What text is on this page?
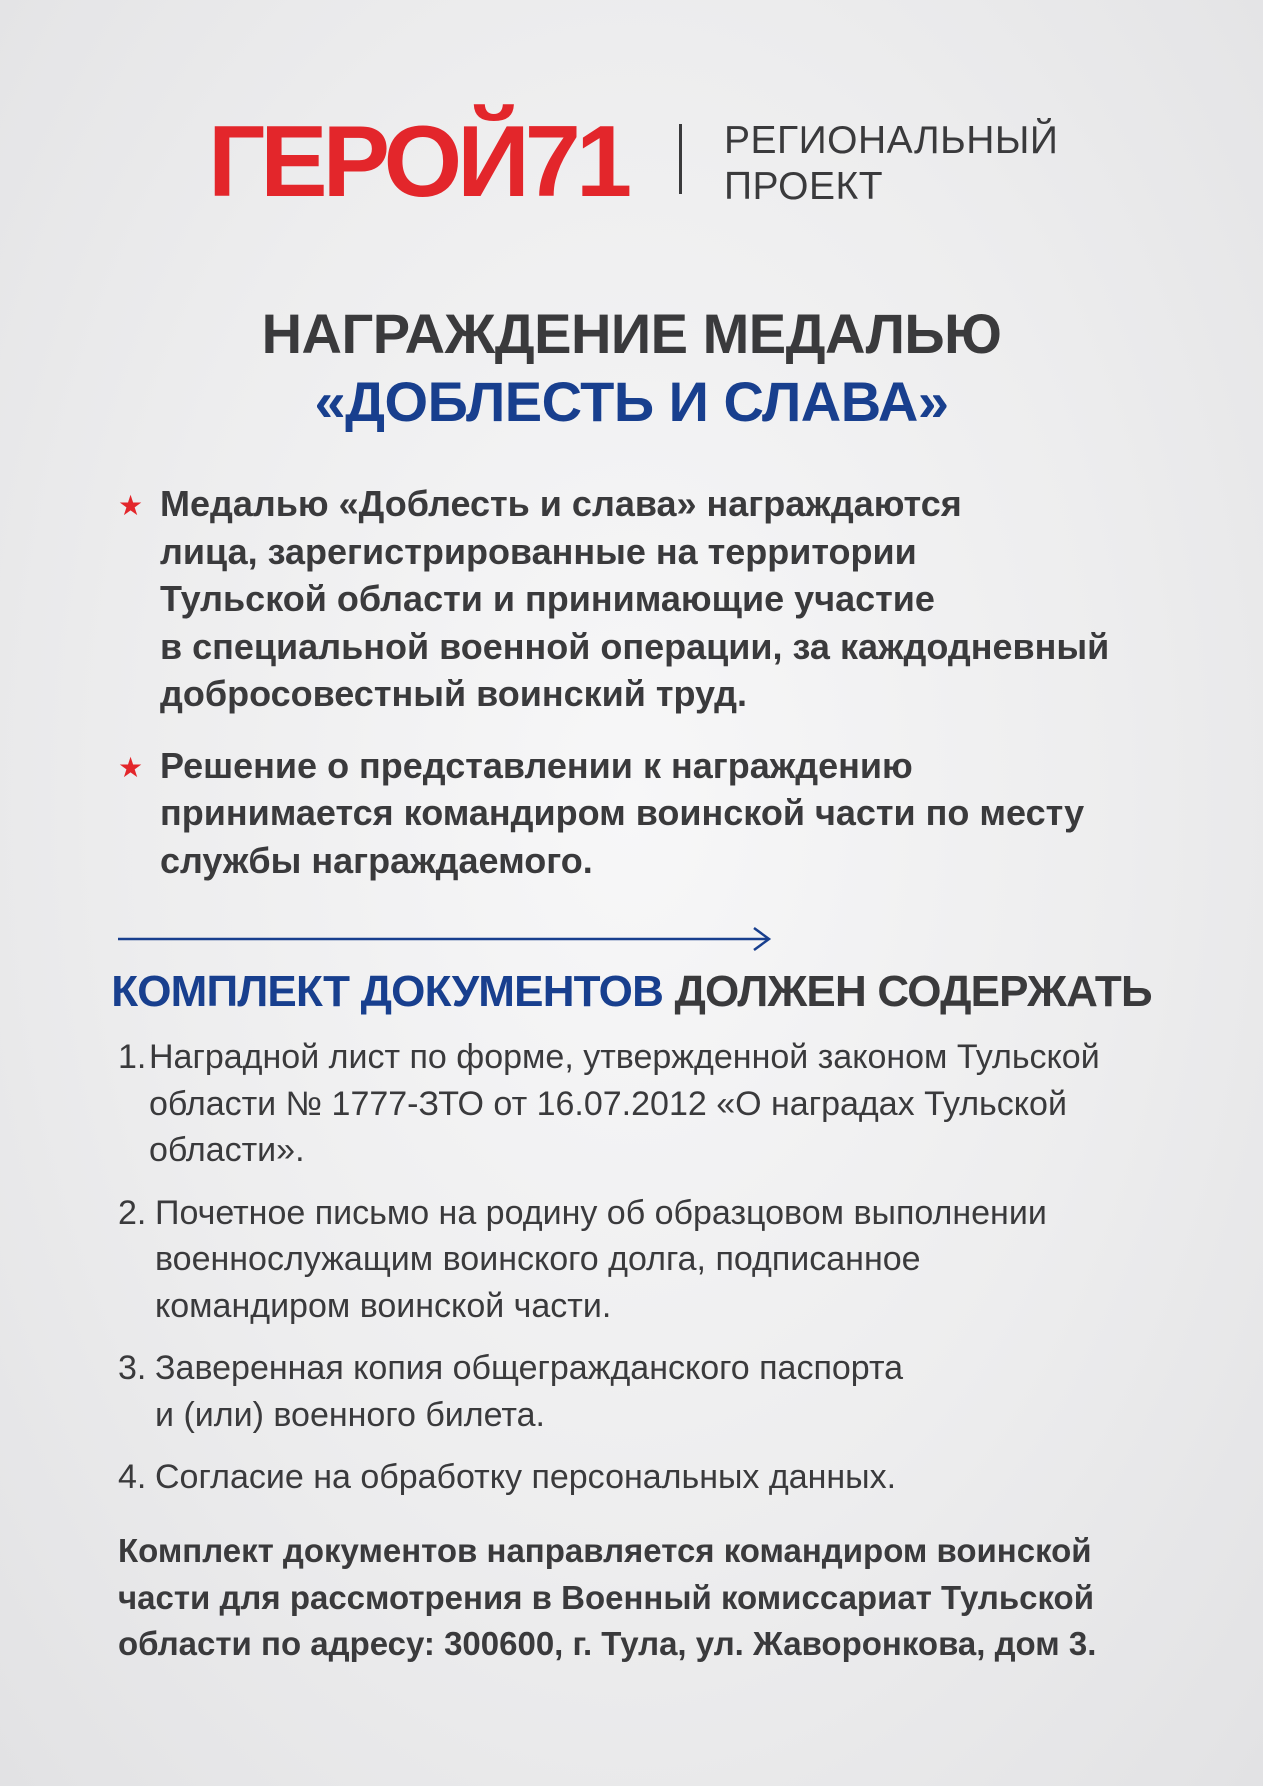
ГЕРОЙ71 РЕГИОНАЛЬНЫЙ
ПРОЕКТ
НАГРАЖДЕНИЕ МЕДАЛЬЮ
«ДОБЛЕСТЬ И СЛАВА»
★ Медалью «Доблесть и слава» награждаются
лица, зарегистрированные на территории
Тульской области и принимающие участие
в специальной военной операции, за каждодневный
добросовестный воинский труд.
★ Решение о представлении к награждению
принимается командиром воинской части по месту
службы награждаемого.
КОМПЛЕКТ ДОКУМЕНТОВ ДОЛЖЕН СОДЕРЖАТЬ
1. Наградной лист по форме, утвержденной законом Тульской
области № 1777-ЗТО от 16.07.2012 «О наградах Тульской
области».
2. Почетное письмо на родину об образцовом выполнении
военнослужащим воинского долга, подписанное
командиром воинской части.
3. Заверенная копия общегражданского паспорта
и (или) военного билета.
4. Согласие на обработку персональных данных.
Комплект документов направляется командиром воинской
части для рассмотрения в Военный комиссариат Тульской
области по адресу: 300600, г. Тула, ул. Жаворонкова, дом 3.
